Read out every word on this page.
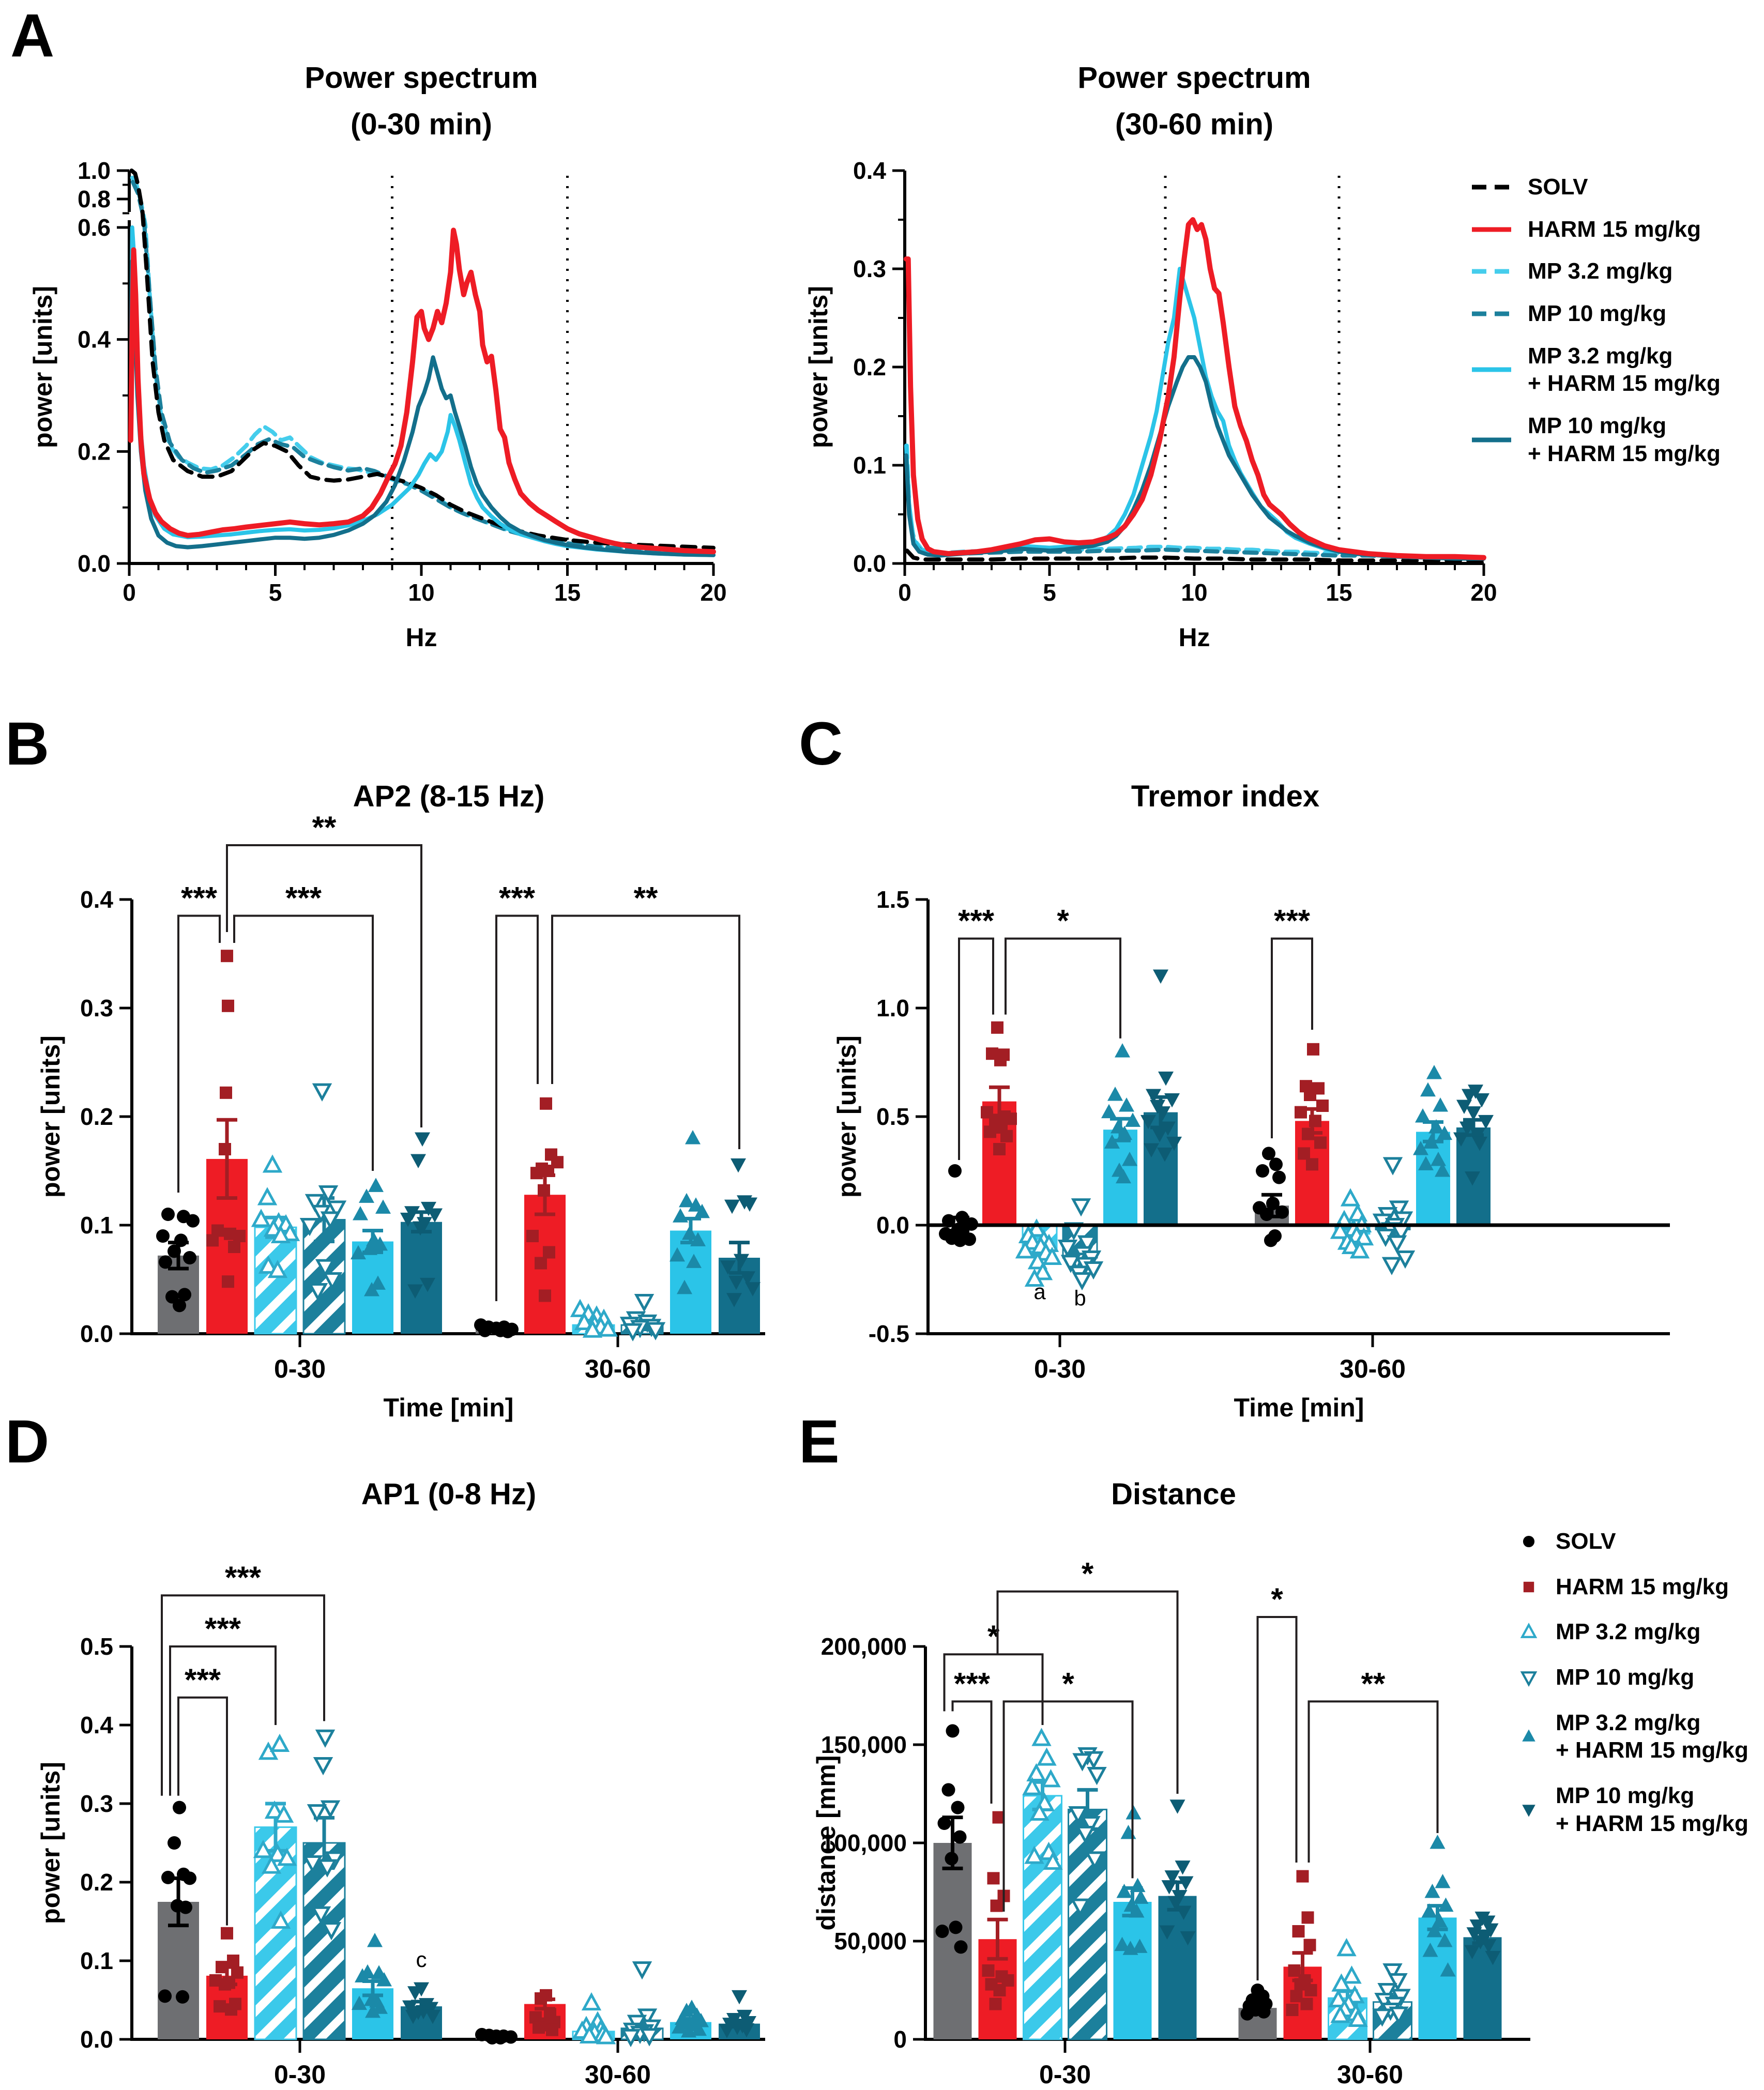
A
B	C
D	E
Power spectrum
(0-30 min)
0.0
0.2
0.4
0.6
0.8
1.0
0	5	10	15	20
Hz
power [units]
Power spectrum
(30-60 min)
0.0
0.1
0.2
0.3
0.4
0	5	10	15	20
Hz
power [units]
SOLV
HARM 15 mg/kg
MP 3.2 mg/kg
MP 10 mg/kg
MP 3.2 mg/kg
+ HARM 15 mg/kg
MP 10 mg/kg
+ HARM 15 mg/kg
AP2 (8-15 Hz)
0.0
0.1
0.2
0.3
0.4
0-30	30-60
Time [min]
power [units]
*** ***
**
***	**
Tremor index
-0.5
0.0
0.5
1.0
1.5
0-30	30-60
Time [min]
power [units]
*** *	***
a b
AP1 (0-8 Hz)
0.0
0.1
0.2
0.3
0.4
0.5
0-30	30-60
power [units]
***
***
***
c
Distance
0
50,000
100,000
150,000
200,000
0-30	30-60
distance [mm]
***
*
*
*
*
**
SOLV
HARM 15 mg/kg
MP 3.2 mg/kg
MP 10 mg/kg
MP 3.2 mg/kg
+ HARM 15 mg/kg
MP 10 mg/kg
+ HARM 15 mg/kg
